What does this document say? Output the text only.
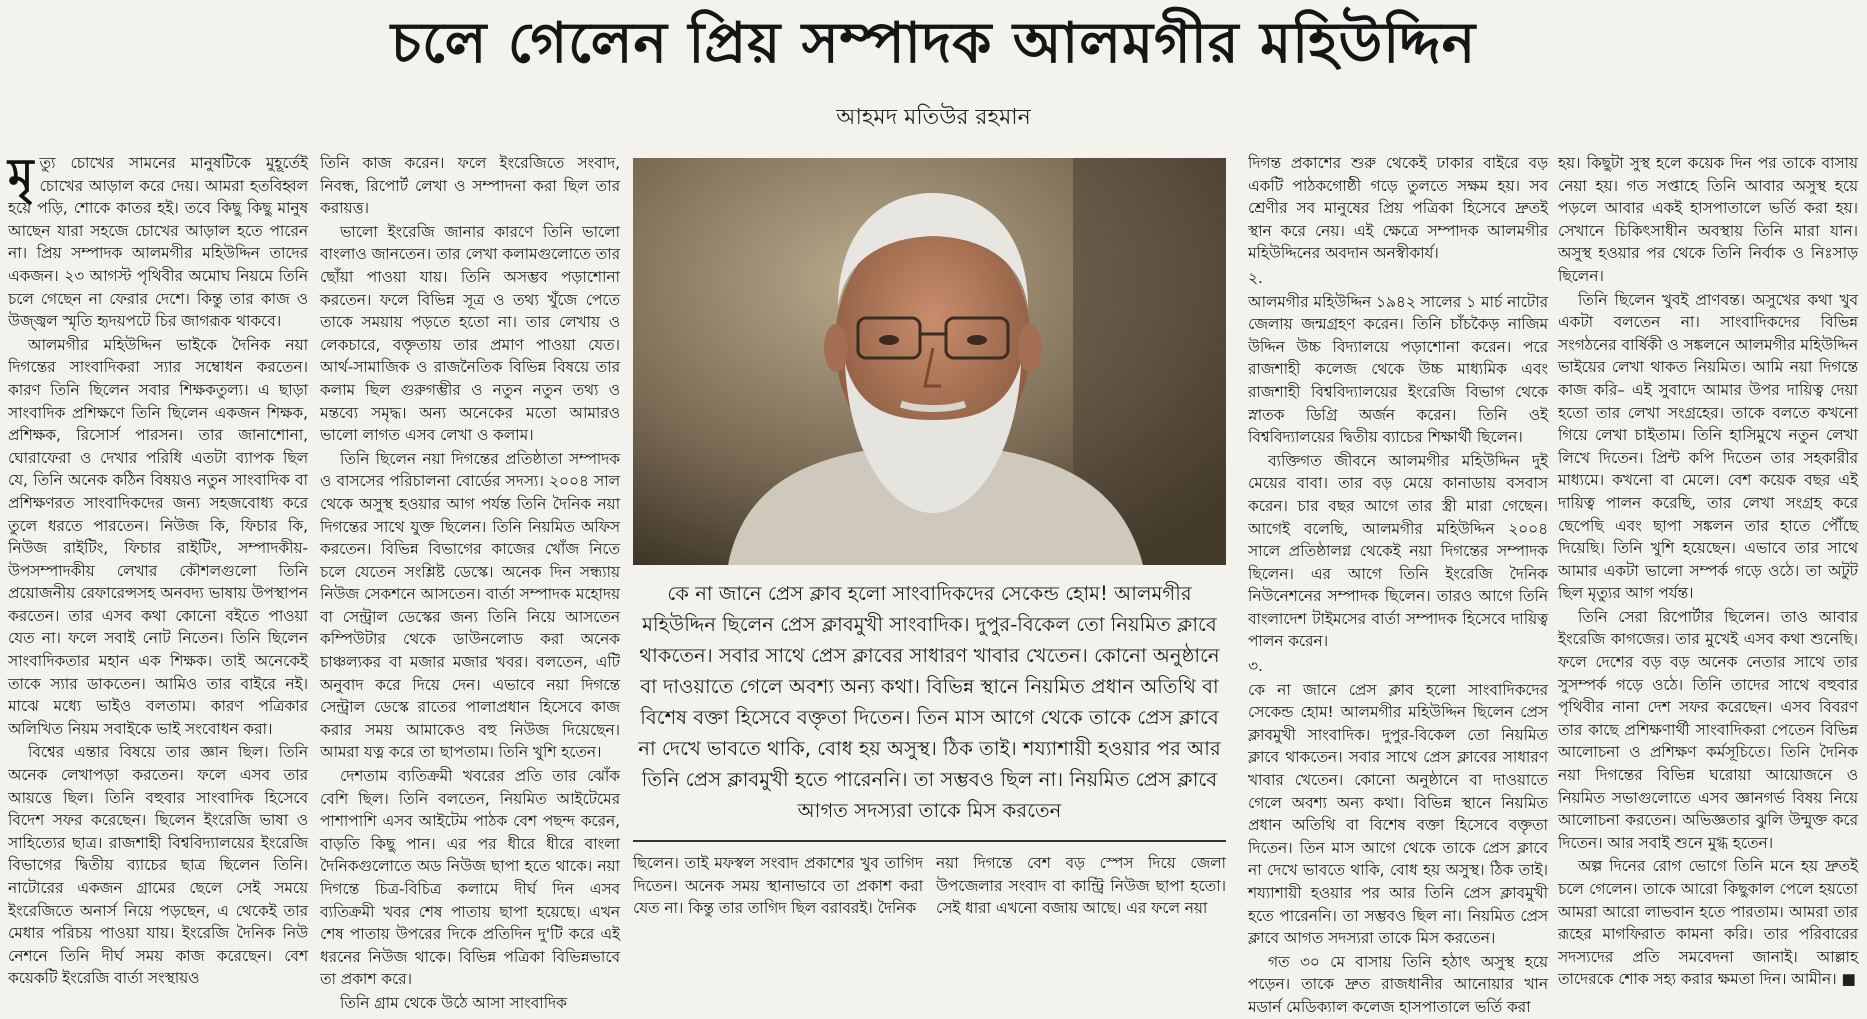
চলে গেলেন প্রিয় সম্পাদক আলমগীর মহিউদ্দিন
আহমদ মতিউর রহমান

মৃত্যু চোখের সামনের মানুষটিকে মুহূর্তেই চোখের আড়াল করে দেয়। আমরা হতবিহ্বল হয়ে পড়ি, শোকে কাতর হই। তবে কিছু কিছু মানুষ আছেন যারা সহজে চোখের আড়াল হতে পারেন না। প্রিয় সম্পাদক আলমগীর মহিউদ্দিন তাদের একজন। ২৩ আগস্ট পৃথিবীর অমোঘ নিয়মে তিনি চলে গেছেন না ফেরার দেশে। কিন্তু তার কাজ ও উজ্জ্বল স্মৃতি হৃদয়পটে চির জাগরূক থাকবে।

আলমগীর মহিউদ্দিন ভাইকে দৈনিক নয়া দিগন্তের সাংবাদিকরা স্যার সম্বোধন করতেন। কারণ তিনি ছিলেন সবার শিক্ষকতুল্য। এ ছাড়া সাংবাদিক প্রশিক্ষণে তিনি ছিলেন একজন শিক্ষক, প্রশিক্ষক, রিসোর্স পারসন। তার জানাশোনা, ঘোরাফেরা ও দেখার পরিধি এতটা ব্যাপক ছিল যে, তিনি অনেক কঠিন বিষয়ও নতুন সাংবাদিক বা প্রশিক্ষণরত সাংবাদিকদের জন্য সহজবোধ্য করে তুলে ধরতে পারতেন। নিউজ কি, ফিচার কি, নিউজ রাইটিং, ফিচার রাইটিং, সম্পাদকীয়-উপসম্পাদকীয় লেখার কৌশলগুলো তিনি প্রয়োজনীয় রেফারেন্সসহ অনবদ্য ভাষায় উপস্থাপন করতেন। তার এসব কথা কোনো বইতে পাওয়া যেত না। ফলে সবাই নোট নিতেন। তিনি ছিলেন সাংবাদিকতার মহান এক শিক্ষক। তাই অনেকেই তাকে স্যার ডাকতেন। আমিও তার বাইরে নই। মাঝে মধ্যে ভাইও বলতাম। কারণ পত্রিকার অলিখিত নিয়ম সবাইকে ভাই সংবোধন করা।

বিশ্বের এন্তার বিষয়ে তার জ্ঞান ছিল। তিনি অনেক লেখাপড়া করতেন। ফলে এসব তার আয়ত্তে ছিল। তিনি বহুবার সাংবাদিক হিসেবে বিদেশ সফর করেছেন। ছিলেন ইংরেজি ভাষা ও সাহিত্যের ছাত্র। রাজশাহী বিশ্ববিদ্যালয়ের ইংরেজি বিভাগের দ্বিতীয় ব্যাচের ছাত্র ছিলেন তিনি। নাটোরের একজন গ্রামের ছেলে সেই সময়ে ইংরেজিতে অনার্স নিয়ে পড়ছেন, এ থেকেই তার মেধার পরিচয় পাওয়া যায়। ইংরেজি দৈনিক নিউ নেশনে তিনি দীর্ঘ সময় কাজ করেছেন। বেশ কয়েকটি ইংরেজি বার্তা সংস্থায়ও

তিনি কাজ করেন। ফলে ইংরেজিতে সংবাদ, নিবন্ধ, রিপোর্ট লেখা ও সম্পাদনা করা ছিল তার করায়ত্ত।

ভালো ইংরেজি জানার কারণে তিনি ভালো বাংলাও জানতেন। তার লেখা কলামগুলোতে তার ছোঁয়া পাওয়া যায়। তিনি অসম্ভব পড়াশোনা করতেন। ফলে বিভিন্ন সূত্র ও তথ্য খুঁজে পেতে তাকে সময়ায় পড়তে হতো না। তার লেখায় ও লেকচারে, বক্তৃতায় তার প্রমাণ পাওয়া যেত। আর্থ-সামাজিক ও রাজনৈতিক বিভিন্ন বিষয়ে তার কলাম ছিল গুরুগম্ভীর ও নতুন নতুন তথ্য ও মন্তব্যে সমৃদ্ধ। অন্য অনেকের মতো আমারও ভালো লাগত এসব লেখা ও কলাম।

তিনি ছিলেন নয়া দিগন্তের প্রতিষ্ঠাতা সম্পাদক ও বাসসের পরিচালনা বোর্ডের সদস্য। ২০০৪ সাল থেকে অসুস্থ হওয়ার আগ পর্যন্ত তিনি দৈনিক নয়া দিগন্তের সাথে যুক্ত ছিলেন। তিনি নিয়মিত অফিস করতেন। বিভিন্ন বিভাগের কাজের খোঁজ নিতে চলে যেতেন সংশ্লিষ্ট ডেস্কে। অনেক দিন সন্ধ্যায় নিউজ সেকশনে আসতেন। বার্তা সম্পাদক মহোদয় বা সেন্ট্রাল ডেস্কের জন্য তিনি নিয়ে আসতেন কম্পিউটার থেকে ডাউনলোড করা অনেক চাঞ্চল্যকর বা মজার মজার খবর। বলতেন, এটি অনুবাদ করে দিয়ে দেন। এভাবে নয়া দিগন্তে সেন্ট্রাল ডেস্কে রাতের পালাপ্রধান হিসেবে কাজ করার সময় আমাকেও বহু নিউজ দিয়েছেন। আমরা যত্ন করে তা ছাপতাম। তিনি খুশি হতেন।

দেশতাম ব্যতিক্রমী খবরের প্রতি তার ঝোঁক বেশি ছিল। তিনি বলতেন, নিয়মিত আইটেমের পাশাপাশি এসব আইটেম পাঠক বেশ পছন্দ করেন, বাড়তি কিছু পান। এর পর ধীরে ধীরে বাংলা দৈনিকগুলোতে অড নিউজ ছাপা হতে থাকে। নয়া দিগন্তে চিত্র-বিচিত্র কলামে দীর্ঘ দিন এসব ব্যতিক্রমী খবর শেষ পাতায় ছাপা হয়েছে। এখন শেষ পাতায় উপরের দিকে প্রতিদিন দু'টি করে এই ধরনের নিউজ থাকে। বিভিন্ন পত্রিকা বিভিন্নভাবে তা প্রকাশ করে।

তিনি গ্রাম থেকে উঠে আসা সাংবাদিক

কে না জানে প্রেস ক্লাব হলো সাংবাদিকদের সেকেন্ড হোম! আলমগীর মহিউদ্দিন ছিলেন প্রেস ক্লাবমুখী সাংবাদিক। দুপুর-বিকেল তো নিয়মিত ক্লাবে থাকতেন। সবার সাথে প্রেস ক্লাবের সাধারণ খাবার খেতেন। কোনো অনুষ্ঠানে বা দাওয়াতে গেলে অবশ্য অন্য কথা। বিভিন্ন স্থানে নিয়মিত প্রধান অতিথি বা বিশেষ বক্তা হিসেবে বক্তৃতা দিতেন। তিন মাস আগে থেকে তাকে প্রেস ক্লাবে না দেখে ভাবতে থাকি, বোধ হয় অসুস্থ। ঠিক তাই। শয্যাশায়ী হওয়ার পর আর তিনি প্রেস ক্লাবমুখী হতে পারেননি। তা সম্ভবও ছিল না। নিয়মিত প্রেস ক্লাবে আগত সদস্যরা তাকে মিস করতেন
ছিলেন। তাই মফস্বল সংবাদ প্রকাশের খুব তাগিদ দিতেন। অনেক সময় স্থানাভাবে তা প্রকাশ করা যেত না। কিন্তু তার তাগিদ ছিল বরাবরই। দৈনিক
নয়া দিগন্তে বেশ বড় স্পেস দিয়ে জেলা উপজেলার সংবাদ বা কান্ট্রি নিউজ ছাপা হতো। সেই ধারা এখনো বজায় আছে। এর ফলে নয়া

দিগন্ত প্রকাশের শুরু থেকেই ঢাকার বাইরে বড় একটি পাঠকগোষ্ঠী গড়ে তুলতে সক্ষম হয়। সব শ্রেণীর সব মানুষের প্রিয় পত্রিকা হিসেবে দ্রুতই স্থান করে নেয়। এই ক্ষেত্রে সম্পাদক আলমগীর মহিউদ্দিনের অবদান অনস্বীকার্য।

২.

আলমগীর মহিউদ্দিন ১৯৪২ সালের ১ মার্চ নাটোর জেলায় জন্মগ্রহণ করেন। তিনি চাঁচকৈড় নাজিম উদ্দিন উচ্চ বিদ্যালয়ে পড়াশোনা করেন। পরে রাজশাহী কলেজ থেকে উচ্চ মাধ্যমিক এবং রাজশাহী বিশ্ববিদ্যালয়ের ইংরেজি বিভাগ থেকে স্নাতক ডিগ্রি অর্জন করেন। তিনি ওই বিশ্ববিদ্যালয়ের দ্বিতীয় ব্যাচের শিক্ষার্থী ছিলেন।

ব্যক্তিগত জীবনে আলমগীর মহিউদ্দিন দুই মেয়ের বাবা। তার বড় মেয়ে কানাডায় বসবাস করেন। চার বছর আগে তার স্ত্রী মারা গেছেন। আগেই বলেছি, আলমগীর মহিউদ্দিন ২০০৪ সালে প্রতিষ্ঠালগ্ন থেকেই নয়া দিগন্তের সম্পাদক ছিলেন। এর আগে তিনি ইংরেজি দৈনিক নিউনেশনের সম্পাদক ছিলেন। তারও আগে তিনি বাংলাদেশ টাইমসের বার্তা সম্পাদক হিসেবে দায়িত্ব পালন করেন।

৩.

কে না জানে প্রেস ক্লাব হলো সাংবাদিকদের সেকেন্ড হোম! আলমগীর মহিউদ্দিন ছিলেন প্রেস ক্লাবমুখী সাংবাদিক। দুপুর-বিকেল তো নিয়মিত ক্লাবে থাকতেন। সবার সাথে প্রেস ক্লাবের সাধারণ খাবার খেতেন। কোনো অনুষ্ঠানে বা দাওয়াতে গেলে অবশ্য অন্য কথা। বিভিন্ন স্থানে নিয়মিত প্রধান অতিথি বা বিশেষ বক্তা হিসেবে বক্তৃতা দিতেন। তিন মাস আগে থেকে তাকে প্রেস ক্লাবে না দেখে ভাবতে থাকি, বোধ হয় অসুস্থ। ঠিক তাই। শয্যাশায়ী হওয়ার পর আর তিনি প্রেস ক্লাবমুখী হতে পারেননি। তা সম্ভবও ছিল না। নিয়মিত প্রেস ক্লাবে আগত সদস্যরা তাকে মিস করতেন।

গত ৩০ মে বাসায় তিনি হঠাৎ অসুস্থ হয়ে পড়েন। তাকে দ্রুত রাজধানীর আনোয়ার খান মডার্ন মেডিক্যাল কলেজ হাসপাতালে ভর্তি করা

হয়। কিছুটা সুস্থ হলে কয়েক দিন পর তাকে বাসায় নেয়া হয়। গত সপ্তাহে তিনি আবার অসুস্থ হয়ে পড়লে আবার একই হাসপাতালে ভর্তি করা হয়। সেখানে চিকিৎসাধীন অবস্থায় তিনি মারা যান। অসুস্থ হওয়ার পর থেকে তিনি নির্বাক ও নিঃসাড় ছিলেন।

তিনি ছিলেন খুবই প্রাণবন্ত। অসুখের কথা খুব একটা বলতেন না। সাংবাদিকদের বিভিন্ন সংগঠনের বার্ষিকী ও সঙ্কলনে আলমগীর মহিউদ্দিন ভাইয়ের লেখা থাকত নিয়মিত। আমি নয়া দিগন্তে কাজ করি– এই সুবাদে আমার উপর দায়িত্ব দেয়া হতো তার লেখা সংগ্রহের। তাকে বলতে কখনো গিয়ে লেখা চাইতাম। তিনি হাসিমুখে নতুন লেখা লিখে দিতেন। প্রিন্ট কপি দিতেন তার সহকারীর মাধ্যমে। কখনো বা মেলে। বেশ কয়েক বছর এই দায়িত্ব পালন করেছি, তার লেখা সংগ্রহ করে ছেপেছি এবং ছাপা সঙ্কলন তার হাতে পৌঁছে দিয়েছি। তিনি খুশি হয়েছেন। এভাবে তার সাথে আমার একটা ভালো সম্পর্ক গড়ে ওঠে। তা অটুট ছিল মৃত্যুর আগ পর্যন্ত।

তিনি সেরা রিপোর্টার ছিলেন। তাও আবার ইংরেজি কাগজের। তার মুখেই এসব কথা শুনেছি। ফলে দেশের বড় বড় অনেক নেতার সাথে তার সুসম্পর্ক গড়ে ওঠে। তিনি তাদের সাথে বহুবার পৃথিবীর নানা দেশ সফর করেছেন। এসব বিবরণ তার কাছে প্রশিক্ষণার্থী সাংবাদিকরা পেতেন বিভিন্ন আলোচনা ও প্রশিক্ষণ কর্মসূচিতে। তিনি দৈনিক নয়া দিগন্তের বিভিন্ন ঘরোয়া আয়োজনে ও নিয়মিত সভাগুলোতে এসব জ্ঞানগর্ভ বিষয় নিয়ে আলোচনা করতেন। অভিজ্ঞতার ঝুলি উন্মুক্ত করে দিতেন। আর সবাই শুনে মুগ্ধ হতেন।

অল্প দিনের রোগ ভোগে তিনি মনে হয় দ্রুতই চলে গেলেন। তাকে আরো কিছুকাল পেলে হয়তো আমরা আরো লাভবান হতে পারতাম। আমরা তার রূহের মাগফিরাত কামনা করি। তার পরিবারের সদস্যদের প্রতি সমবেদনা জানাই। আল্লাহ তাদেরকে শোক সহ্য করার ক্ষমতা দিন। আমীন। ■
